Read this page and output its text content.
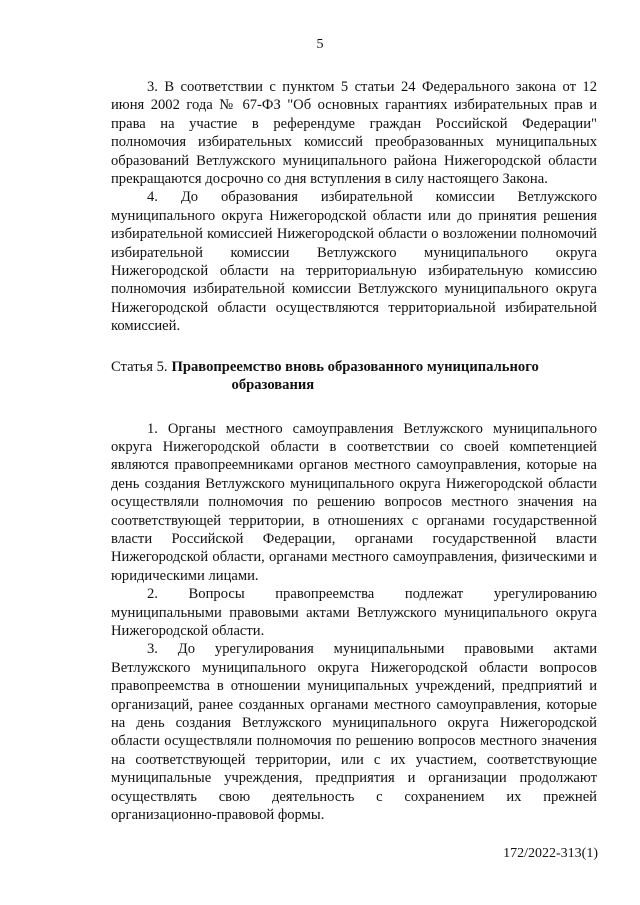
5

3. В соответствии с пунктом 5 статьи 24 Федерального закона от 12 июня 2002 года № 67-ФЗ "Об основных гарантиях избирательных прав и права на участие в референдуме граждан Российской Федерации" полномочия избирательных комиссий преобразованных муниципальных образований Ветлужского муниципального района Нижегородской области прекращаются досрочно со дня вступления в силу настоящего Закона.

4. До образования избирательной комиссии Ветлужского муниципального округа Нижегородской области или до принятия решения избирательной комиссией Нижегородской области о возложении полномочий избирательной комиссии Ветлужского муниципального округа Нижегородской области на территориальную избирательную комиссию полномочия избирательной комиссии Ветлужского муниципального округа Нижегородской области осуществляются территориальной избирательной комиссией.

Статья 5. Правопреемство вновь образованного муниципального
образования

1. Органы местного самоуправления Ветлужского муниципального округа Нижегородской области в соответствии со своей компетенцией являются правопреемниками органов местного самоуправления, которые на день создания Ветлужского муниципального округа Нижегородской области осуществляли полномочия по решению вопросов местного значения на соответствующей территории, в отношениях с органами государственной власти Российской Федерации, органами государственной власти Нижегородской области, органами местного самоуправления, физическими и юридическими лицами.

2. Вопросы правопреемства подлежат урегулированию муниципальными правовыми актами Ветлужского муниципального округа Нижегородской области.

3. До урегулирования муниципальными правовыми актами Ветлужского муниципального округа Нижегородской области вопросов правопреемства в отношении муниципальных учреждений, предприятий и организаций, ранее созданных органами местного самоуправления, которые на день создания Ветлужского муниципального округа Нижегородской области осуществляли полномочия по решению вопросов местного значения на соответствующей территории, или с их участием, соответствующие муниципальные учреждения, предприятия и организации продолжают осуществлять свою деятельность с сохранением их прежней организационно-правовой формы.

172/2022-313(1)
